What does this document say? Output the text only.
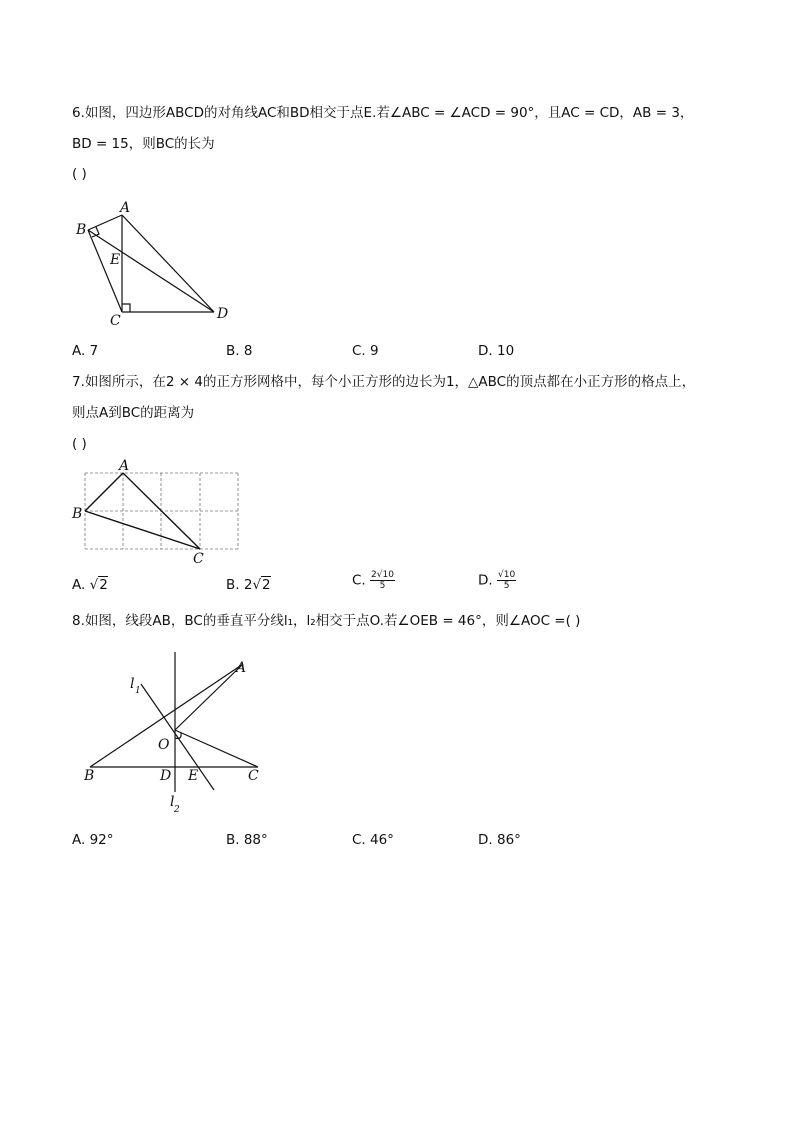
6.如图，四边形ABCD的对角线AC和BD相交于点E.若∠ABC = ∠ACD = 90°，且AC = CD，AB = 3，
BD = 15，则BC的长为
( )
A
B
E
C	D
A. 7	B. 8	C. 9	D. 10
7.如图所示，在2 × 4的正方形网格中，每个小正方形的边长为1，△ABC的顶点都在小正方形的格点上，
则点A到BC的距离为
( )
A
B
C
A. √2	B. 2√2	C. $\frac{2√10}{5}$	D. $\frac{√10}{5}$
8.如图，线段AB，BC的垂直平分线l₁，l₂相交于点O.若∠OEB = 46°，则∠AOC =( )
A
l 1
O
B	D E	C
l 2
A. 92°	B. 88°	C. 46°	D. 86°
